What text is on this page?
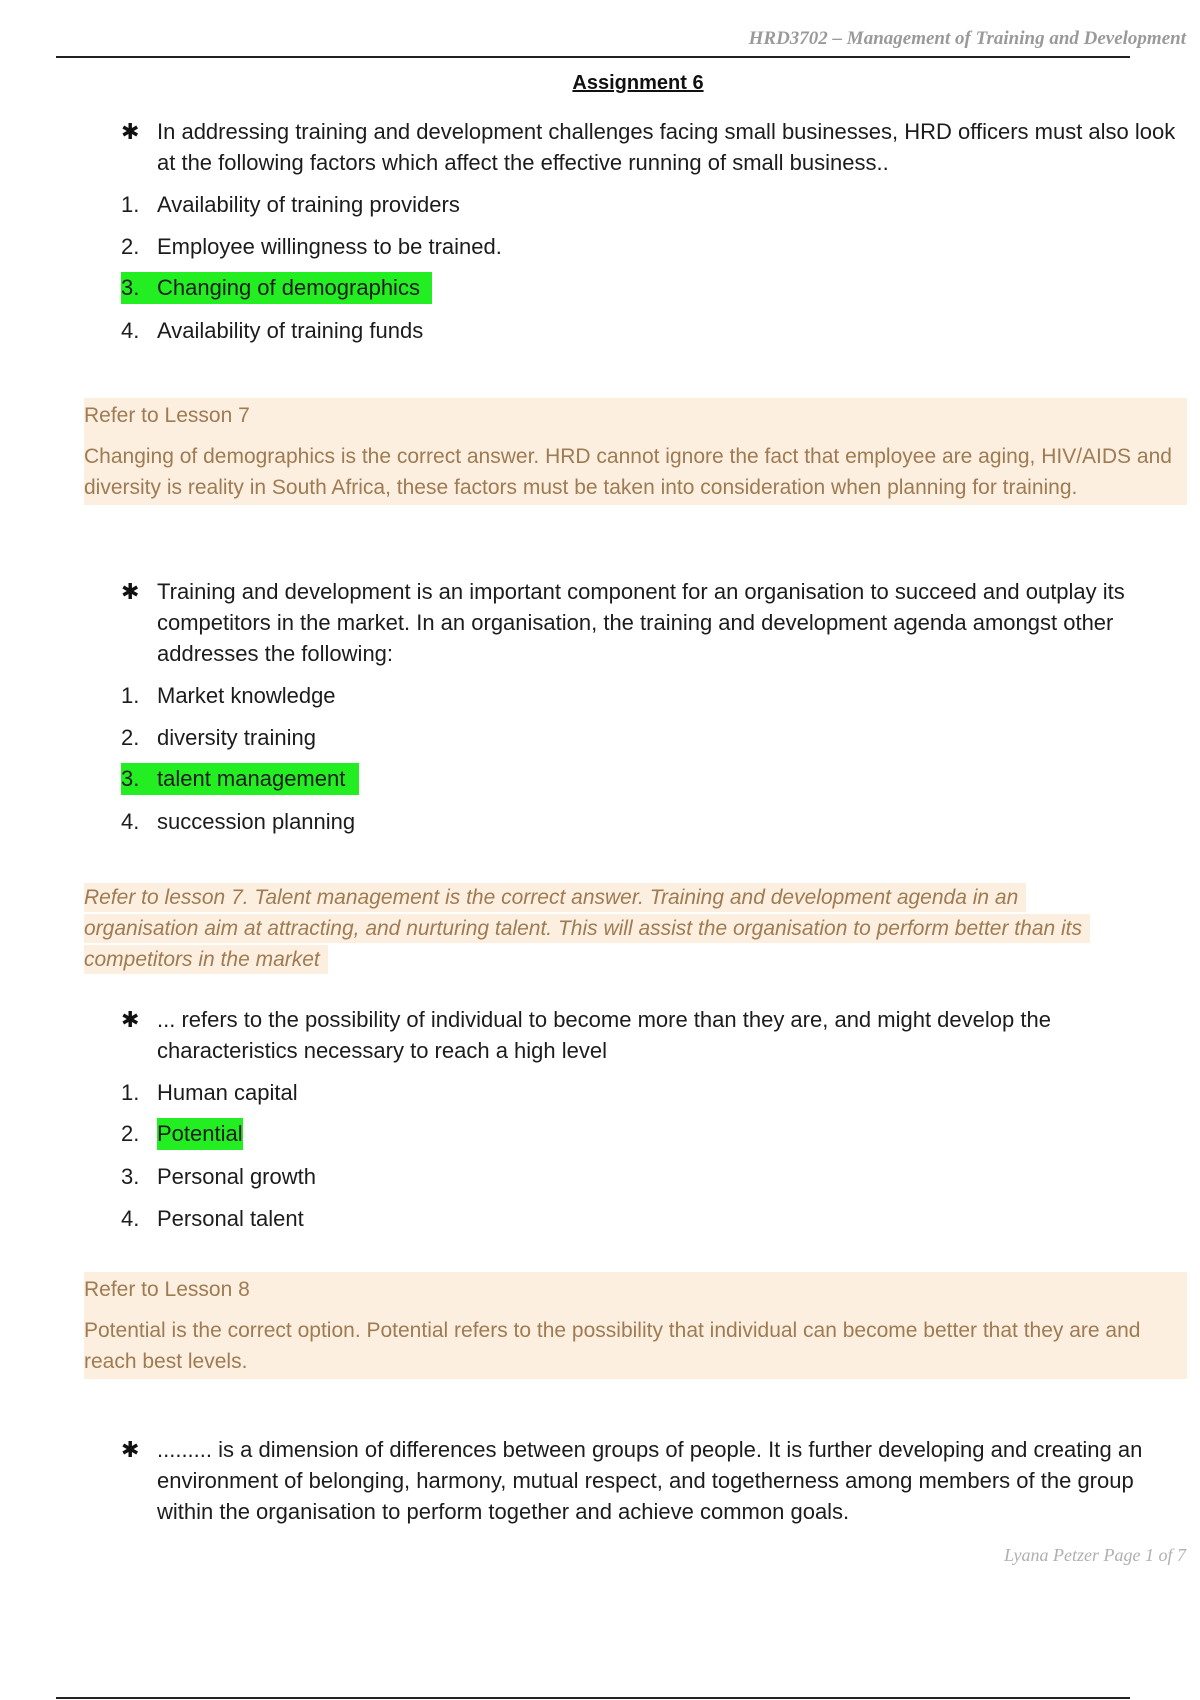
HRD3702 – Management of Training and Development
Assignment 6
✱ In addressing training and development challenges facing small businesses, HRD officers must also look at the following factors which affect the effective running of small business..
1. Availability of training providers
2. Employee willingness to be trained.
3. Changing of demographics
4. Availability of training funds

Refer to Lesson 7

Changing of demographics is the correct answer. HRD cannot ignore the fact that employee are aging, HIV/AIDS and diversity is reality in South Africa, these factors must be taken into consideration when planning for training.

✱ Training and development is an important component for an organisation to succeed and outplay its competitors in the market. In an organisation, the training and development agenda amongst other addresses the following:
1. Market knowledge
2. diversity training
3. talent management
4. succession planning

Refer to lesson 7. Talent management is the correct answer. Training and development agenda in an

organisation aim at attracting, and nurturing talent. This will assist the organisation to perform better than its

competitors in the market

✱ ... refers to the possibility of individual to become more than they are, and might develop the characteristics necessary to reach a high level
1. Human capital
2. Potential
3. Personal growth
4. Personal talent

Refer to Lesson 8

Potential is the correct option. Potential refers to the possibility that individual can become better that they are and reach best levels.

✱ ......... is a dimension of differences between groups of people. It is further developing and creating an environment of belonging, harmony, mutual respect, and togetherness among members of the group within the organisation to perform together and achieve common goals.
Lyana Petzer Page 1 of 7
